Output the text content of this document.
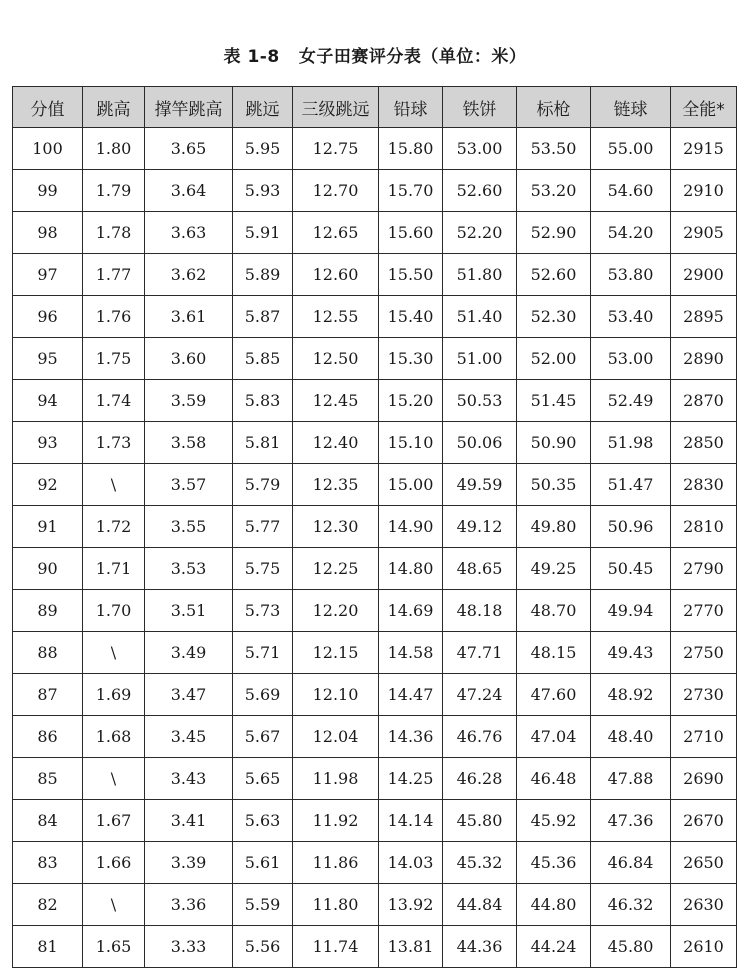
表 1-8   女子田赛评分表（单位：米）
分值	跳高	撑竿跳高	跳远	三级跳远	铅球	铁饼	标枪	链球	全能*
100	1.80	3.65	5.95	12.75	15.80	53.00	53.50	55.00	2915
99	1.79	3.64	5.93	12.70	15.70	52.60	53.20	54.60	2910
98	1.78	3.63	5.91	12.65	15.60	52.20	52.90	54.20	2905
97	1.77	3.62	5.89	12.60	15.50	51.80	52.60	53.80	2900
96	1.76	3.61	5.87	12.55	15.40	51.40	52.30	53.40	2895
95	1.75	3.60	5.85	12.50	15.30	51.00	52.00	53.00	2890
94	1.74	3.59	5.83	12.45	15.20	50.53	51.45	52.49	2870
93	1.73	3.58	5.81	12.40	15.10	50.06	50.90	51.98	2850
92	\	3.57	5.79	12.35	15.00	49.59	50.35	51.47	2830
91	1.72	3.55	5.77	12.30	14.90	49.12	49.80	50.96	2810
90	1.71	3.53	5.75	12.25	14.80	48.65	49.25	50.45	2790
89	1.70	3.51	5.73	12.20	14.69	48.18	48.70	49.94	2770
88	\	3.49	5.71	12.15	14.58	47.71	48.15	49.43	2750
87	1.69	3.47	5.69	12.10	14.47	47.24	47.60	48.92	2730
86	1.68	3.45	5.67	12.04	14.36	46.76	47.04	48.40	2710
85	\	3.43	5.65	11.98	14.25	46.28	46.48	47.88	2690
84	1.67	3.41	5.63	11.92	14.14	45.80	45.92	47.36	2670
83	1.66	3.39	5.61	11.86	14.03	45.32	45.36	46.84	2650
82	\	3.36	5.59	11.80	13.92	44.84	44.80	46.32	2630
81	1.65	3.33	5.56	11.74	13.81	44.36	44.24	45.80	2610
